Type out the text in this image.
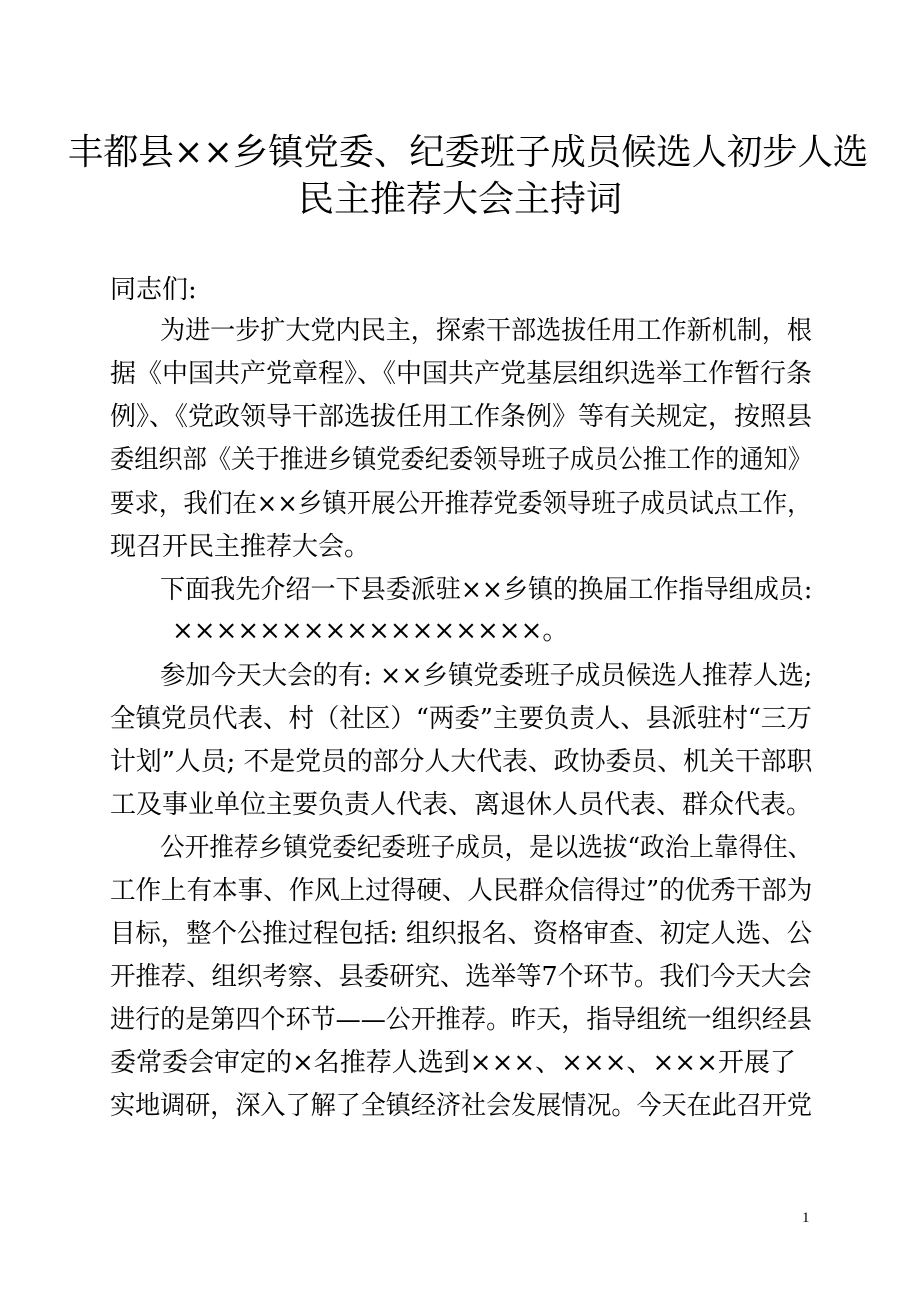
丰都县××乡镇党委、纪委班子成员候选人初步人选
民主推荐大会主持词
同志们:
为进一步扩大党内民主，探索干部选拔任用工作新机制，根
据《中国共产党章程》、《中国共产党基层组织选举工作暂行条
例》、《党政领导干部选拔任用工作条例》等有关规定，按照县
委组织部《关于推进乡镇党委纪委领导班子成员公推工作的通知》
要求，我们在××乡镇开展公开推荐党委领导班子成员试点工作，
现召开民主推荐大会。
下面我先介绍一下县委派驻××乡镇的换届工作指导组成员:
×××××××××××××××××。
参加今天大会的有: ××乡镇党委班子成员候选人推荐人选;
全镇党员代表、村（社区）“两委”主要负责人、县派驻村“三万
计划”人员; 不是党员的部分人大代表、政协委员、机关干部职
工及事业单位主要负责人代表、离退休人员代表、群众代表。
公开推荐乡镇党委纪委班子成员，是以选拔“政治上靠得住、
工作上有本事、作风上过得硬、人民群众信得过”的优秀干部为
目标，整个公推过程包括: 组织报名、资格审查、初定人选、公
开推荐、组织考察、县委研究、选举等7个环节。我们今天大会
进行的是第四个环节——公开推荐。昨天，指导组统一组织经县
委常委会审定的×名推荐人选到×××、×××、×××开展了
实地调研，深入了解了全镇经济社会发展情况。今天在此召开党
1
